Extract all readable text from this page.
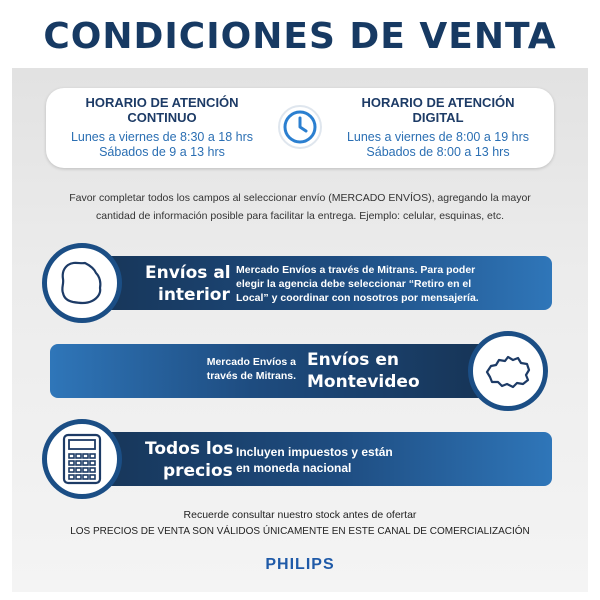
CONDICIONES DE VENTA
HORARIO DE ATENCIÓN
CONTINUO
Lunes a viernes de 8:30 a 18 hrs
Sábados de 9 a 13 hrs
HORARIO DE ATENCIÓN
DIGITAL
Lunes a viernes de 8:00 a 19 hrs
Sábados de 8:00 a 13 hrs
Favor completar todos los campos al seleccionar envío (MERCADO ENVÍOS), agregando la mayor
cantidad de información posible para facilitar la entrega. Ejemplo: celular, esquinas, etc.
Envíos al
interior
Mercado Envíos a través de Mitrans. Para poder
elegir la agencia debe seleccionar “Retiro en el
Local” y coordinar con nosotros por mensajería.
Mercado Envíos a
través de Mitrans.
Envíos en
Montevideo
Todos los
precios
Incluyen impuestos y están
en moneda nacional
Recuerde consultar nuestro stock antes de ofertar
LOS PRECIOS DE VENTA SON VÁLIDOS ÚNICAMENTE EN ESTE CANAL DE COMERCIALIZACIÓN
PHILIPS
